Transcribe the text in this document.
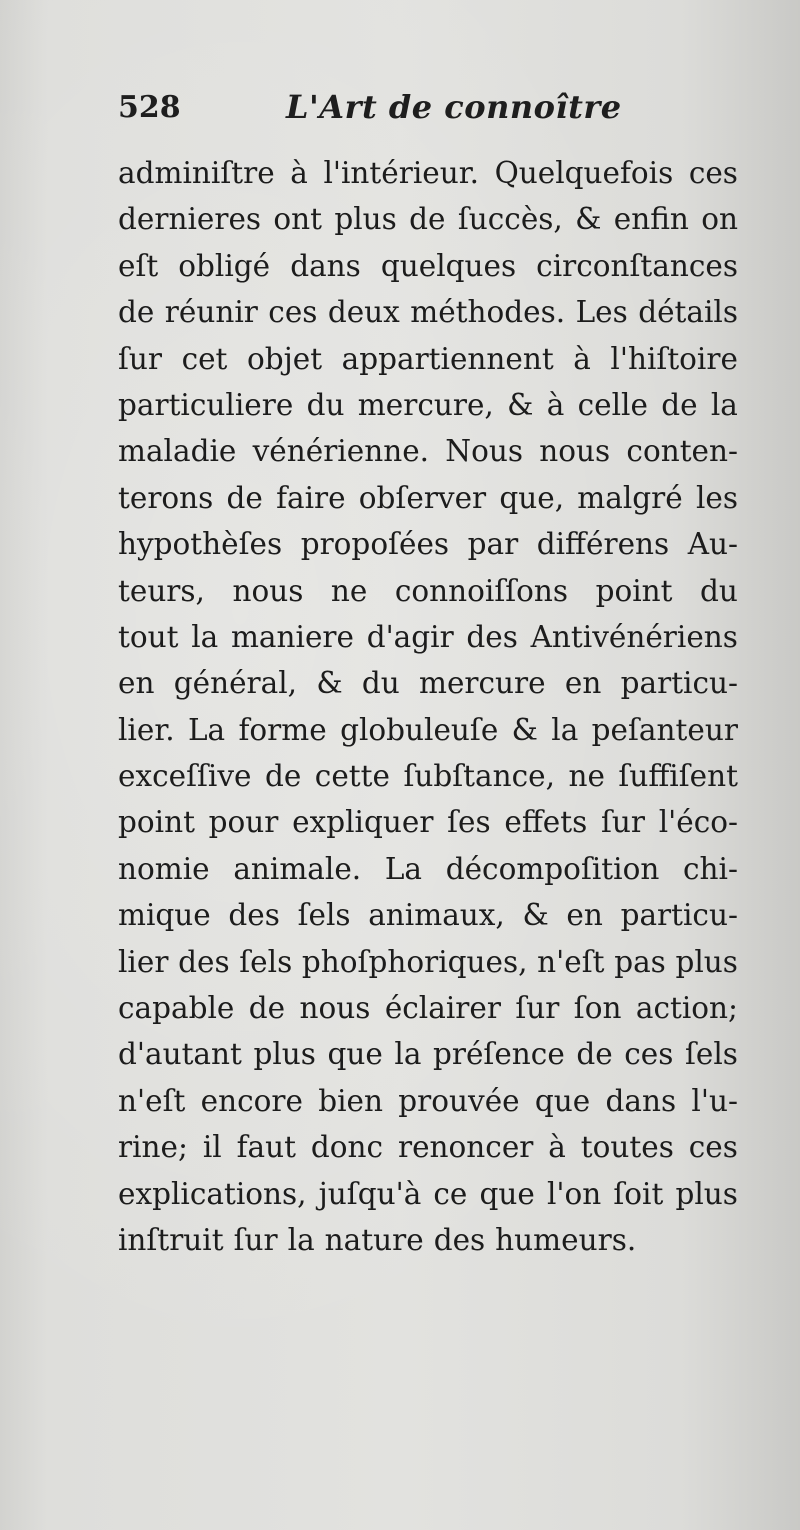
528	L'Art de connoître
adminiſtre à l'intérieur. Quelquefois ces
dernieres ont plus de ſuccès, & enfin on
eſt obligé dans quelques circonſtances
de réunir ces deux méthodes. Les détails
ſur cet objet appartiennent à l'hiſtoire
particuliere du mercure, & à celle de la
maladie vénérienne. Nous nous conten-
terons de faire obſerver que, malgré les
hypothèſes propoſées par différens Au-
teurs, nous ne connoiſſons point du
tout la maniere d'agir des Antivénériens
en général, & du mercure en particu-
lier. La forme globuleuſe & la peſanteur
exceſſive de cette ſubſtance, ne ſuffiſent
point pour expliquer ſes effets ſur l'éco-
nomie animale. La décompoſition chi-
mique des ſels animaux, & en particu-
lier des ſels phoſphoriques, n'eſt pas plus
capable de nous éclairer ſur ſon action;
d'autant plus que la préſence de ces ſels
n'eſt encore bien prouvée que dans l'u-
rine; il faut donc renoncer à toutes ces
explications, juſqu'à ce que l'on ſoit plus
inſtruit ſur la nature des humeurs.
